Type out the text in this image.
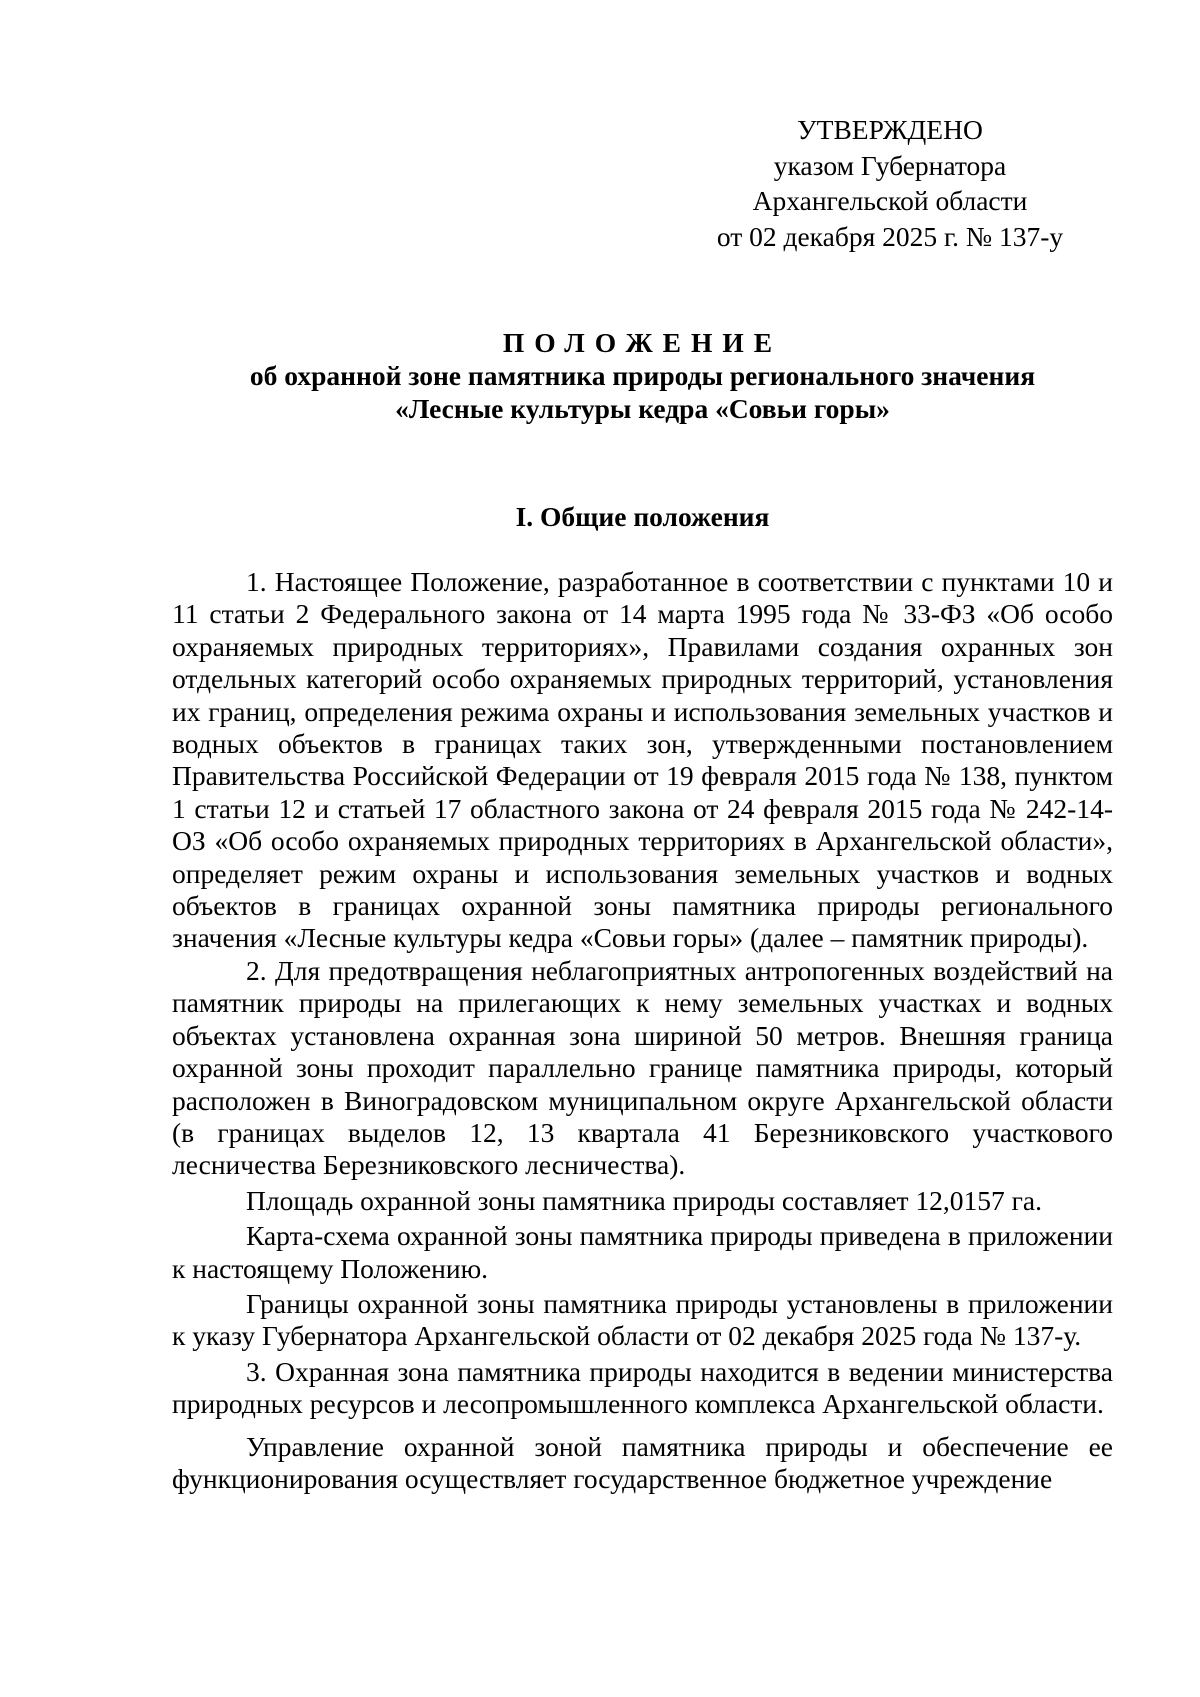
УТВЕРЖДЕНО
указом Губернатора
Архангельской области
от 02 декабря 2025 г. № 137-у
ПОЛОЖЕНИЕ
об охранной зоне памятника природы регионального значения
«Лесные культуры кедра «Совьи горы»
I. Общие положения

1. Настоящее Положение, разработанное в соответствии с пунктами 10 и 11 статьи 2 Федерального закона от 14 марта 1995 года № 33-ФЗ «Об особо охраняемых природных территориях», Правилами создания охранных зон отдельных категорий особо охраняемых природных территорий, установления их границ, определения режима охраны и использования земельных участков и водных объектов в границах таких зон, утвержденными постановлением Правительства Российской Федерации от 19 февраля 2015 года № 138, пунктом 1 статьи 12 и статьей 17 областного закона от 24 февраля 2015 года № 242-14-ОЗ «Об особо охраняемых природных территориях в Архангельской области», определяет режим охраны и использования земельных участков и водных объектов в границах охранной зоны памятника природы регионального значения «Лесные культуры кедра «Совьи горы» (далее – памятник природы).

2. Для предотвращения неблагоприятных антропогенных воздействий на памятник природы на прилегающих к нему земельных участках и водных объектах установлена охранная зона шириной 50 метров. Внешняя граница охранной зоны проходит параллельно границе памятника природы, который расположен в Виноградовском муниципальном округе Архангельской области (в границах выделов 12, 13 квартала 41 Березниковского участкового лесничества Березниковского лесничества).

Площадь охранной зоны памятника природы составляет 12,0157 га.

Карта-схема охранной зоны памятника природы приведена в приложении к настоящему Положению.

Границы охранной зоны памятника природы установлены в приложении к указу Губернатора Архангельской области от 02 декабря 2025 года № 137-у.

3. Охранная зона памятника природы находится в ведении министерства природных ресурсов и лесопромышленного комплекса Архангельской области.

Управление охранной зоной памятника природы и обеспечение ее функционирования осуществляет государственное бюджетное учреждение
